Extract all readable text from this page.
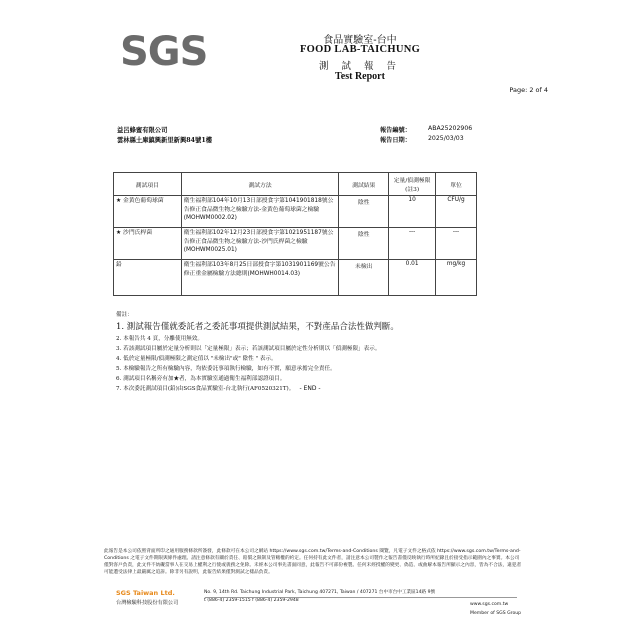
SGS	食品實驗室-台中
FOOD LAB-TAICHUNG
測 試 報 告
Test Report
Page: 2 of 4
益呂蜂蜜有限公司
雲林縣土庫鎮興新里新興84號1樓
報告編號：	ABA25202906
報告日期：	2025/03/03
測試項目	測試方法	測試結果	定量/偵測極限(註3)	單位
★ 金黃色葡萄球菌	衛生福利部104年10月13日部授食字第1041901818號公告修正食品微生物之檢驗方法-金黃色葡萄球菌之檢驗(MOHWM0002.02)	陰性	10	CFU/g
★ 沙門氏桿菌	衛生福利部102年12月23日部授食字第1021951187號公告修正食品微生物之檢驗方法-沙門氏桿菌之檢驗(MOHWM0025.01)	陰性	---	---
鉛	衛生福利部103年8月25日部授食字第1031901169號公告修正重金屬檢驗方法總則(MOHWH0014.03)	未檢出	0.01	mg/kg
備註：
1. 測試報告僅就委託者之委託事項提供測試結果，不對產品合法性做判斷。
2. 本報告共 4 頁，分離使用無效。
3. 若該測試項目屬於定量分析則以「定量極限」表示；若該測試項目屬於定性分析則以「偵測極限」表示。
4. 低於定量極限/偵測極限之測定值以 "未檢出"或" 陰性 " 表示。
5. 本檢驗報告之所有檢驗內容，均依委託事項執行檢驗，如有不實，願意承擔完全責任。
6. 測試項目名稱旁有加★者，為本實驗室通過衛生福利部認證項目。
7. 本次委託測試項目(鉛)由SGS食品實驗室-台北執行(AF0520321T)。 - END -
此報告是本公司依照背面所印之通用服務條款所簽發，此條款可在本公司之網站 https://www.sgs.com.tw/Terms-and-Conditions 閱覽，凡電子文件之格式依 https://www.sgs.com.tw/Terms-and-Conditions 之電子文件期限與條件處理。請注意條款有關於責任、賠償之限制及管轄權的約定。任何持有此文件者，請注意本公司製作之報告書僅反映執行時所紀錄且於接受指示範圍內之事實。本公司僅對客戶負責，此文件不妨礙當事人在交易上權利之行使或義務之免除。未經本公司事先書面同意，此報告不可部份複製。任何未經授權的變更、偽造、或曲解本報告所顯示之內容，皆為不合法，違犯者可能遭受法律上最嚴厲之追訴。除非另有說明，此報告結果僅對測試之樣品負責。
SGS Taiwan Ltd.
台灣檢驗科技股份有限公司
No. 9, 14th Rd. Taichung Industrial Park, Taichung 407271, Taiwan / 407271 台中市台中工業區14路 9號
t (886-4) 2359-1515 f (886-4) 2359-2948
www.sgs.com.tw
Member of SGS Group
